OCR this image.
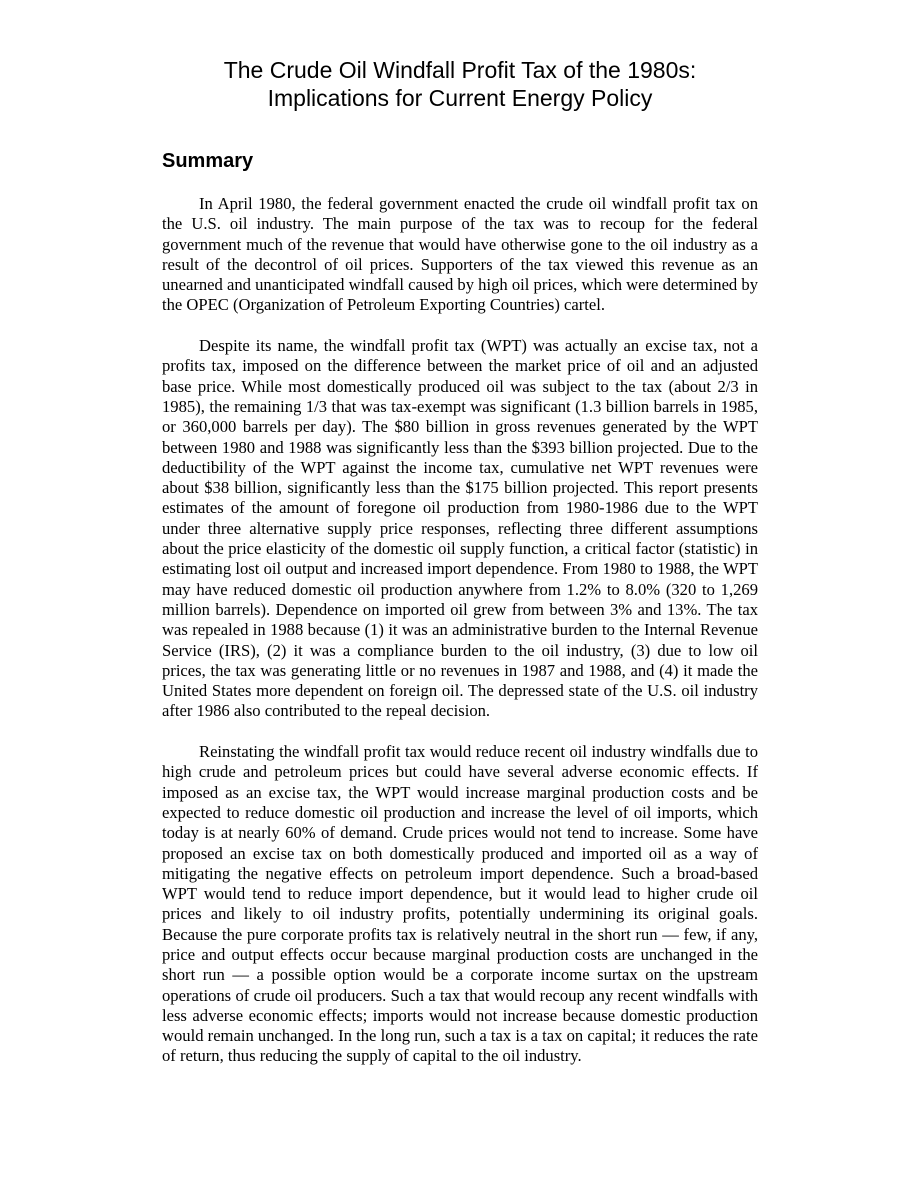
The Crude Oil Windfall Profit Tax of the 1980s:
Implications for Current Energy Policy
Summary

In April 1980, the federal government enacted the crude oil windfall profit tax on the U.S. oil industry. The main purpose of the tax was to recoup for the federal government much of the revenue that would have otherwise gone to the oil industry as a result of the decontrol of oil prices. Supporters of the tax viewed this revenue as an unearned and unanticipated windfall caused by high oil prices, which were determined by the OPEC (Organization of Petroleum Exporting Countries) cartel.

Despite its name, the windfall profit tax (WPT) was actually an excise tax, not a profits tax, imposed on the difference between the market price of oil and an adjusted base price. While most domestically produced oil was subject to the tax (about 2/3 in 1985), the remaining 1/3 that was tax-exempt was significant (1.3 billion barrels in 1985, or 360,000 barrels per day). The $80 billion in gross revenues generated by the WPT between 1980 and 1988 was significantly less than the $393 billion projected. Due to the deductibility of the WPT against the income tax, cumulative net WPT revenues were about $38 billion, significantly less than the $175 billion projected. This report presents estimates of the amount of foregone oil production from 1980-1986 due to the WPT under three alternative supply price responses, reflecting three different assumptions about the price elasticity of the domestic oil supply function, a critical factor (statistic) in estimating lost oil output and increased import dependence. From 1980 to 1988, the WPT may have reduced domestic oil production anywhere from 1.2% to 8.0% (320 to 1,269 million barrels). Dependence on imported oil grew from between 3% and 13%. The tax was repealed in 1988 because (1) it was an administrative burden to the Internal Revenue Service (IRS), (2) it was a compliance burden to the oil industry, (3) due to low oil prices, the tax was generating little or no revenues in 1987 and 1988, and (4) it made the United States more dependent on foreign oil. The depressed state of the U.S. oil industry after 1986 also contributed to the repeal decision.

Reinstating the windfall profit tax would reduce recent oil industry windfalls due to high crude and petroleum prices but could have several adverse economic effects. If imposed as an excise tax, the WPT would increase marginal production costs and be expected to reduce domestic oil production and increase the level of oil imports, which today is at nearly 60% of demand. Crude prices would not tend to increase. Some have proposed an excise tax on both domestically produced and imported oil as a way of mitigating the negative effects on petroleum import dependence. Such a broad-based WPT would tend to reduce import dependence, but it would lead to higher crude oil prices and likely to oil industry profits, potentially undermining its original goals. Because the pure corporate profits tax is relatively neutral in the short run — few, if any, price and output effects occur because marginal production costs are unchanged in the short run — a possible option would be a corporate income surtax on the upstream operations of crude oil producers. Such a tax that would recoup any recent windfalls with less adverse economic effects; imports would not increase because domestic production would remain unchanged. In the long run, such a tax is a tax on capital; it reduces the rate of return, thus reducing the supply of capital to the oil industry.
